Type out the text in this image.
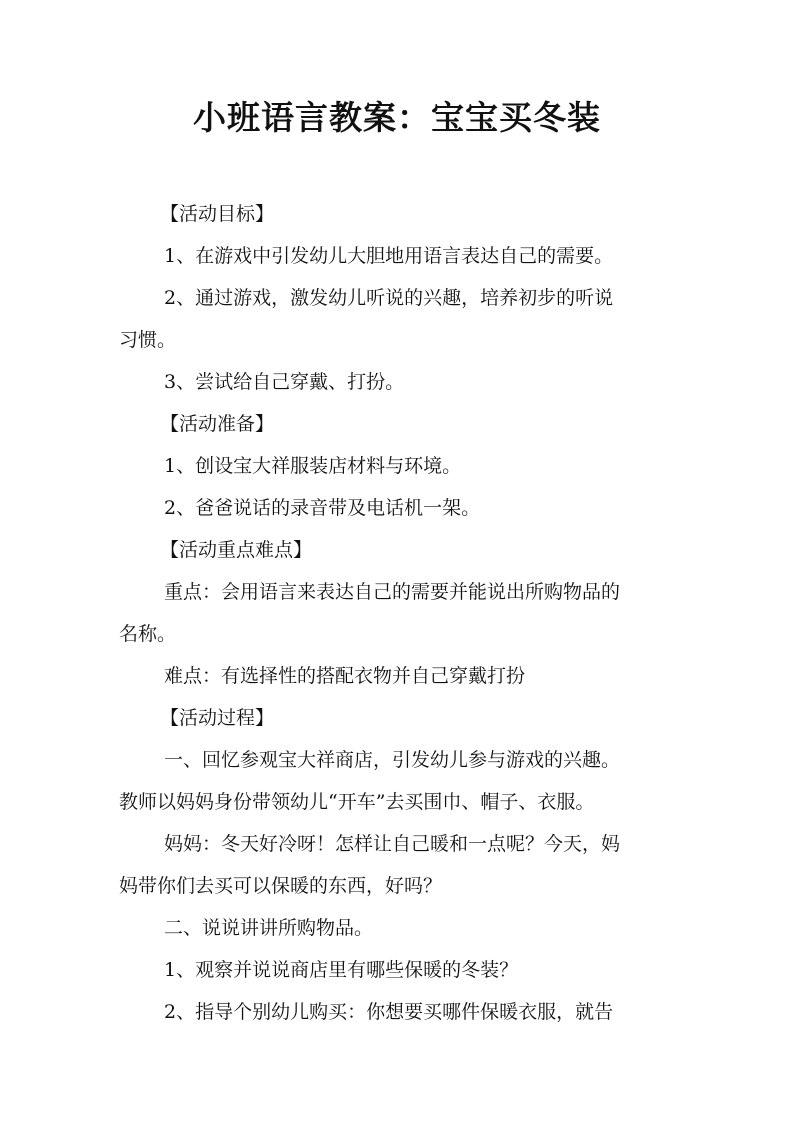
小班语言教案：宝宝买冬装
【活动目标】
1、在游戏中引发幼儿大胆地用语言表达自己的需要。
2、通过游戏，激发幼儿听说的兴趣，培养初步的听说
习惯。
3、尝试给自己穿戴、打扮。
【活动准备】
1、创设宝大祥服装店材料与环境。
2、爸爸说话的录音带及电话机一架。
【活动重点难点】
重点：会用语言来表达自己的需要并能说出所购物品的
名称。
难点：有选择性的搭配衣物并自己穿戴打扮
【活动过程】
一、回忆参观宝大祥商店，引发幼儿参与游戏的兴趣。
教师以妈妈身份带领幼儿“开车”去买围巾、帽子、衣服。
妈妈：冬天好冷呀！怎样让自己暖和一点呢？今天，妈
妈带你们去买可以保暖的东西，好吗？
二、说说讲讲所购物品。
1、观察并说说商店里有哪些保暖的冬装？
2、指导个别幼儿购买：你想要买哪件保暖衣服，就告
